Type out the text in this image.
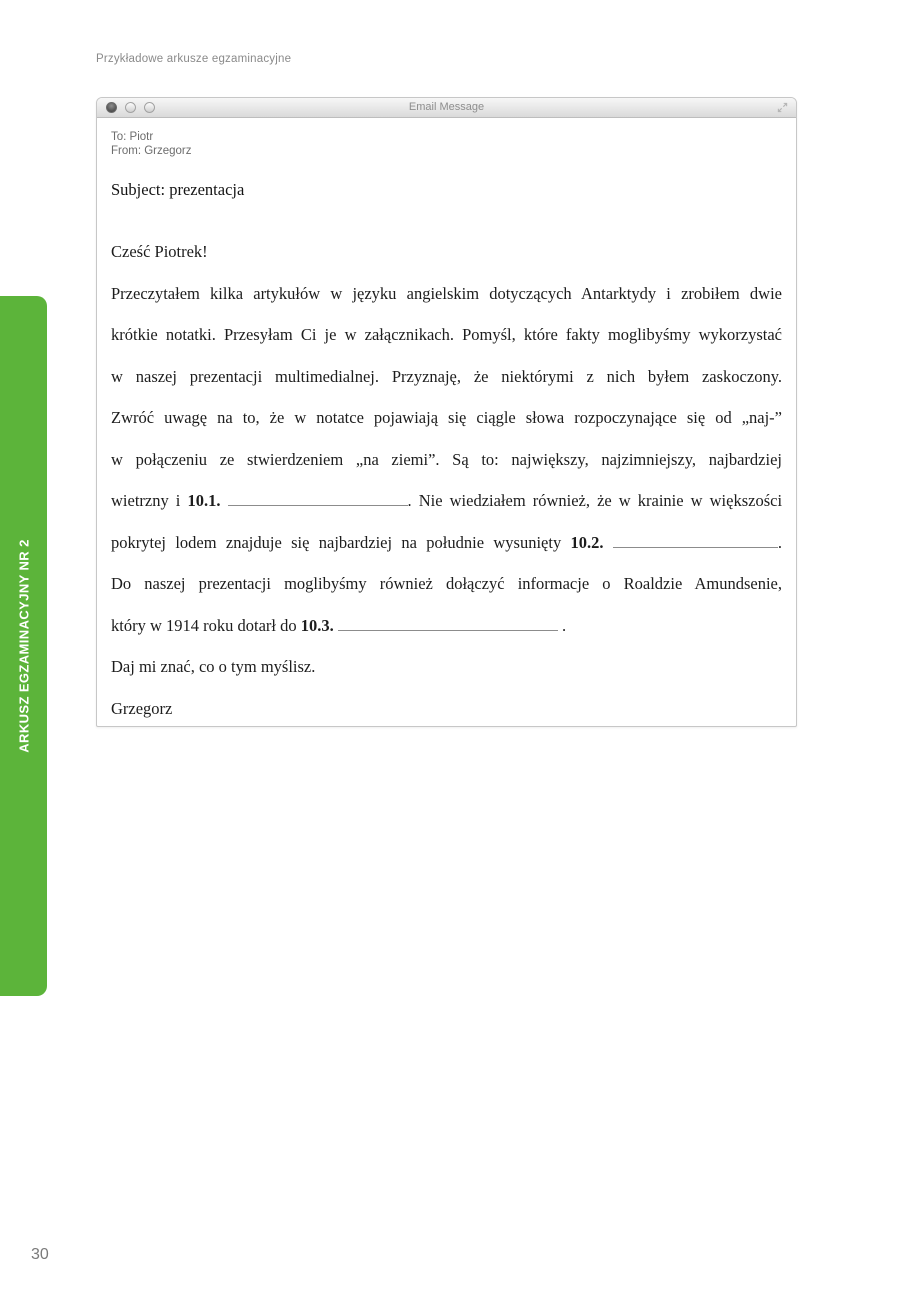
Przykładowe arkusze egzaminacyjne
Email Message
To: Piotr
From: Grzegorz
Subject: prezentacja
Cześć Piotrek!
Przeczytałem kilka artykułów w języku angielskim dotyczących Antarktydy i zrobiłem dwie
krótkie notatki. Przesyłam Ci je w załącznikach. Pomyśl, które fakty moglibyśmy wykorzystać
w naszej prezentacji multimedialnej. Przyznaję, że niektórymi z nich byłem zaskoczony.
Zwróć uwagę na to, że w notatce pojawiają się ciągle słowa rozpoczynające się od „naj-”
w połączeniu ze stwierdzeniem „na ziemi”. Są to: największy, najzimniejszy, najbardziej
wietrzny i 10.1.	. Nie wiedziałem również, że w krainie w większości
pokrytej lodem znajduje się najbardziej na południe wysunięty 10.2.	.
Do naszej prezentacji moglibyśmy również dołączyć informacje o Roaldzie Amundsenie,
który w 1914 roku dotarł do 10.3.	.
Daj mi znać, co o tym myślisz.
Grzegorz
ARKUSZ EGZAMINACYJNY NR 2
30
